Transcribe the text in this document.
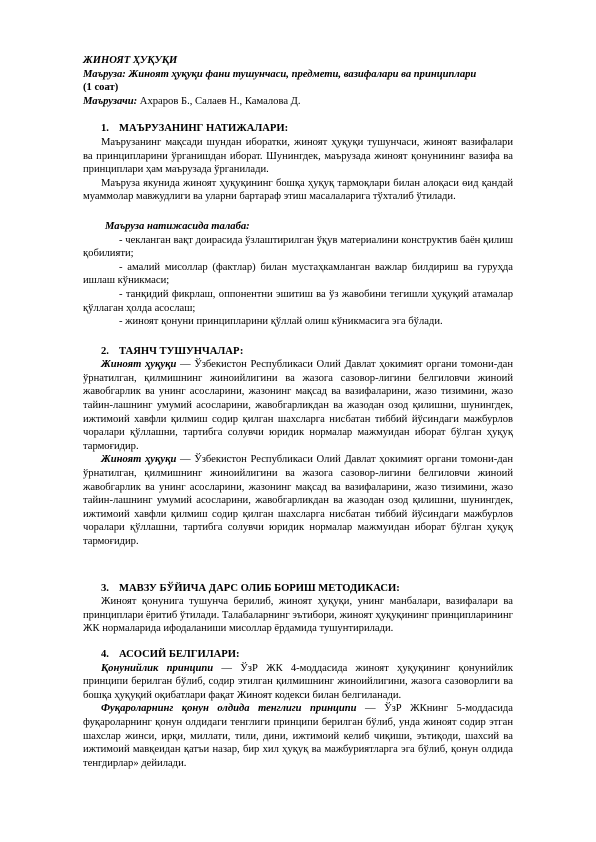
ЖИНОЯТ ҲУҚУҚИ

Маъруза: Жиноят ҳуқуқи фани тушунчаси, предмети, вазифалари ва принциплари

(1 соат)

Маърузачи: Ахраров Б., Салаев Н., Камалова Д.

1. МАЪРУЗАНИНГ НАТИЖАЛАРИ:

Маърузанинг мақсади шундан иборатки, жиноят ҳуқуқи тушунчаси, жиноят вазифалари ва принципларини ўрганишдан иборат. Шунингдек, маърузада жиноят қонунининг вазифа ва принциплари ҳам маърузада ўрганилади.

Маъруза якунида жиноят ҳуқуқининг бошқа ҳуқуқ тармоқлари билан алоқаси өид қандай муаммолар мавжудлиги ва уларни бартараф этиш масалаларига тўхталиб ўтилади.

Маъруза натижасида талаба:

- чекланган вақт доирасида ўзлаштирилган ўқув материалини конструктив баён қилиш қобилияти;

- амалий мисоллар (фактлар) билан мустаҳкамланган важлар билдириш ва гуруҳда ишлаш кўникмаси;

- танқидий фикрлаш, оппонентни эшитиш ва ўз жавобини тегишли ҳуқуқий атамалар қўллаган ҳолда асослаш;

- жиноят қонуни принципларини қўллай олиш кўникмасига эга бўлади.

2. ТАЯНЧ ТУШУНЧАЛАР:

Жиноят ҳуқуқи — Ўзбекистон Республикаси Олий Давлат ҳокимият органи томони-дан ўрнатилган, қилмишнинг жиноийлигини ва жазога сазовор-лигини белгиловчи жиноий жавобгарлик ва унинг асосларини, жазонинг мақсад ва вазифаларини, жазо тизимини, жазо тайин-лашнинг умумий асосларини, жавобгарликдан ва жазодан озод қилишни, шунингдек, ижтимоий хавфли қилмиш содир қилган шахсларга нисбатан тиббий йўсиндаги мажбурлов чоралари қўллашни, тартибга солувчи юридик нормалар мажмуидан иборат бўлган ҳуқуқ тармоғидир.

Жиноят ҳуқуқи — Ўзбекистон Республикаси Олий Давлат ҳокимият органи томони-дан ўрнатилган, қилмишнинг жиноийлигини ва жазога сазовор-лигини белгиловчи жиноий жавобгарлик ва унинг асосларини, жазонинг мақсад ва вазифаларини, жазо тизимини, жазо тайин-лашнинг умумий асосларини, жавобгарликдан ва жазодан озод қилишни, шунингдек, ижтимоий хавфли қилмиш содир қилган шахсларга нисбатан тиббий йўсиндаги мажбурлов чоралари қўллашни, тартибга солувчи юридик нормалар мажмуидан иборат бўлган ҳуқуқ тармоғидир.

3. МАВЗУ БЎЙИЧА ДАРС ОЛИБ БОРИШ МЕТОДИКАСИ:

Жиноят қонунига тушунча берилиб, жиноят ҳуқуқи, унинг манбалари, вазифалари ва принциплари ёритиб ўтилади. Талабаларнинг эътибори, жиноят ҳуқуқининг принципларининг ЖК нормаларида ифодаланиши мисоллар ёрдамида тушунтирилади.

4. АСОСИЙ БЕЛГИЛАРИ:

Қонунийлик принципи — ЎзР ЖК 4-моддасида жиноят ҳуқуқининг қонунийлик принципи берилган бўлиб, содир этилган қилмишнинг жиноийлигини, жазога сазоворлиги ва бошқа ҳуқуқий оқибатлари фақат Жиноят кодекси билан белгиланади.

Фуқароларнинг қонун олдида тенглиги принципи — ЎзР ЖКнинг 5-моддасида фуқароларнинг қонун олдидаги тенглиги принципи берилган бўлиб, унда жиноят содир этган шахслар жинси, ирқи, миллати, тили, дини, ижтимоий келиб чиқиши, эътиқоди, шахсий ва ижтимоий мавқеидан қатъи назар, бир хил ҳуқуқ ва мажбуриятларга эга бўлиб, қонун олдида тенгдирлар» дейилади.
